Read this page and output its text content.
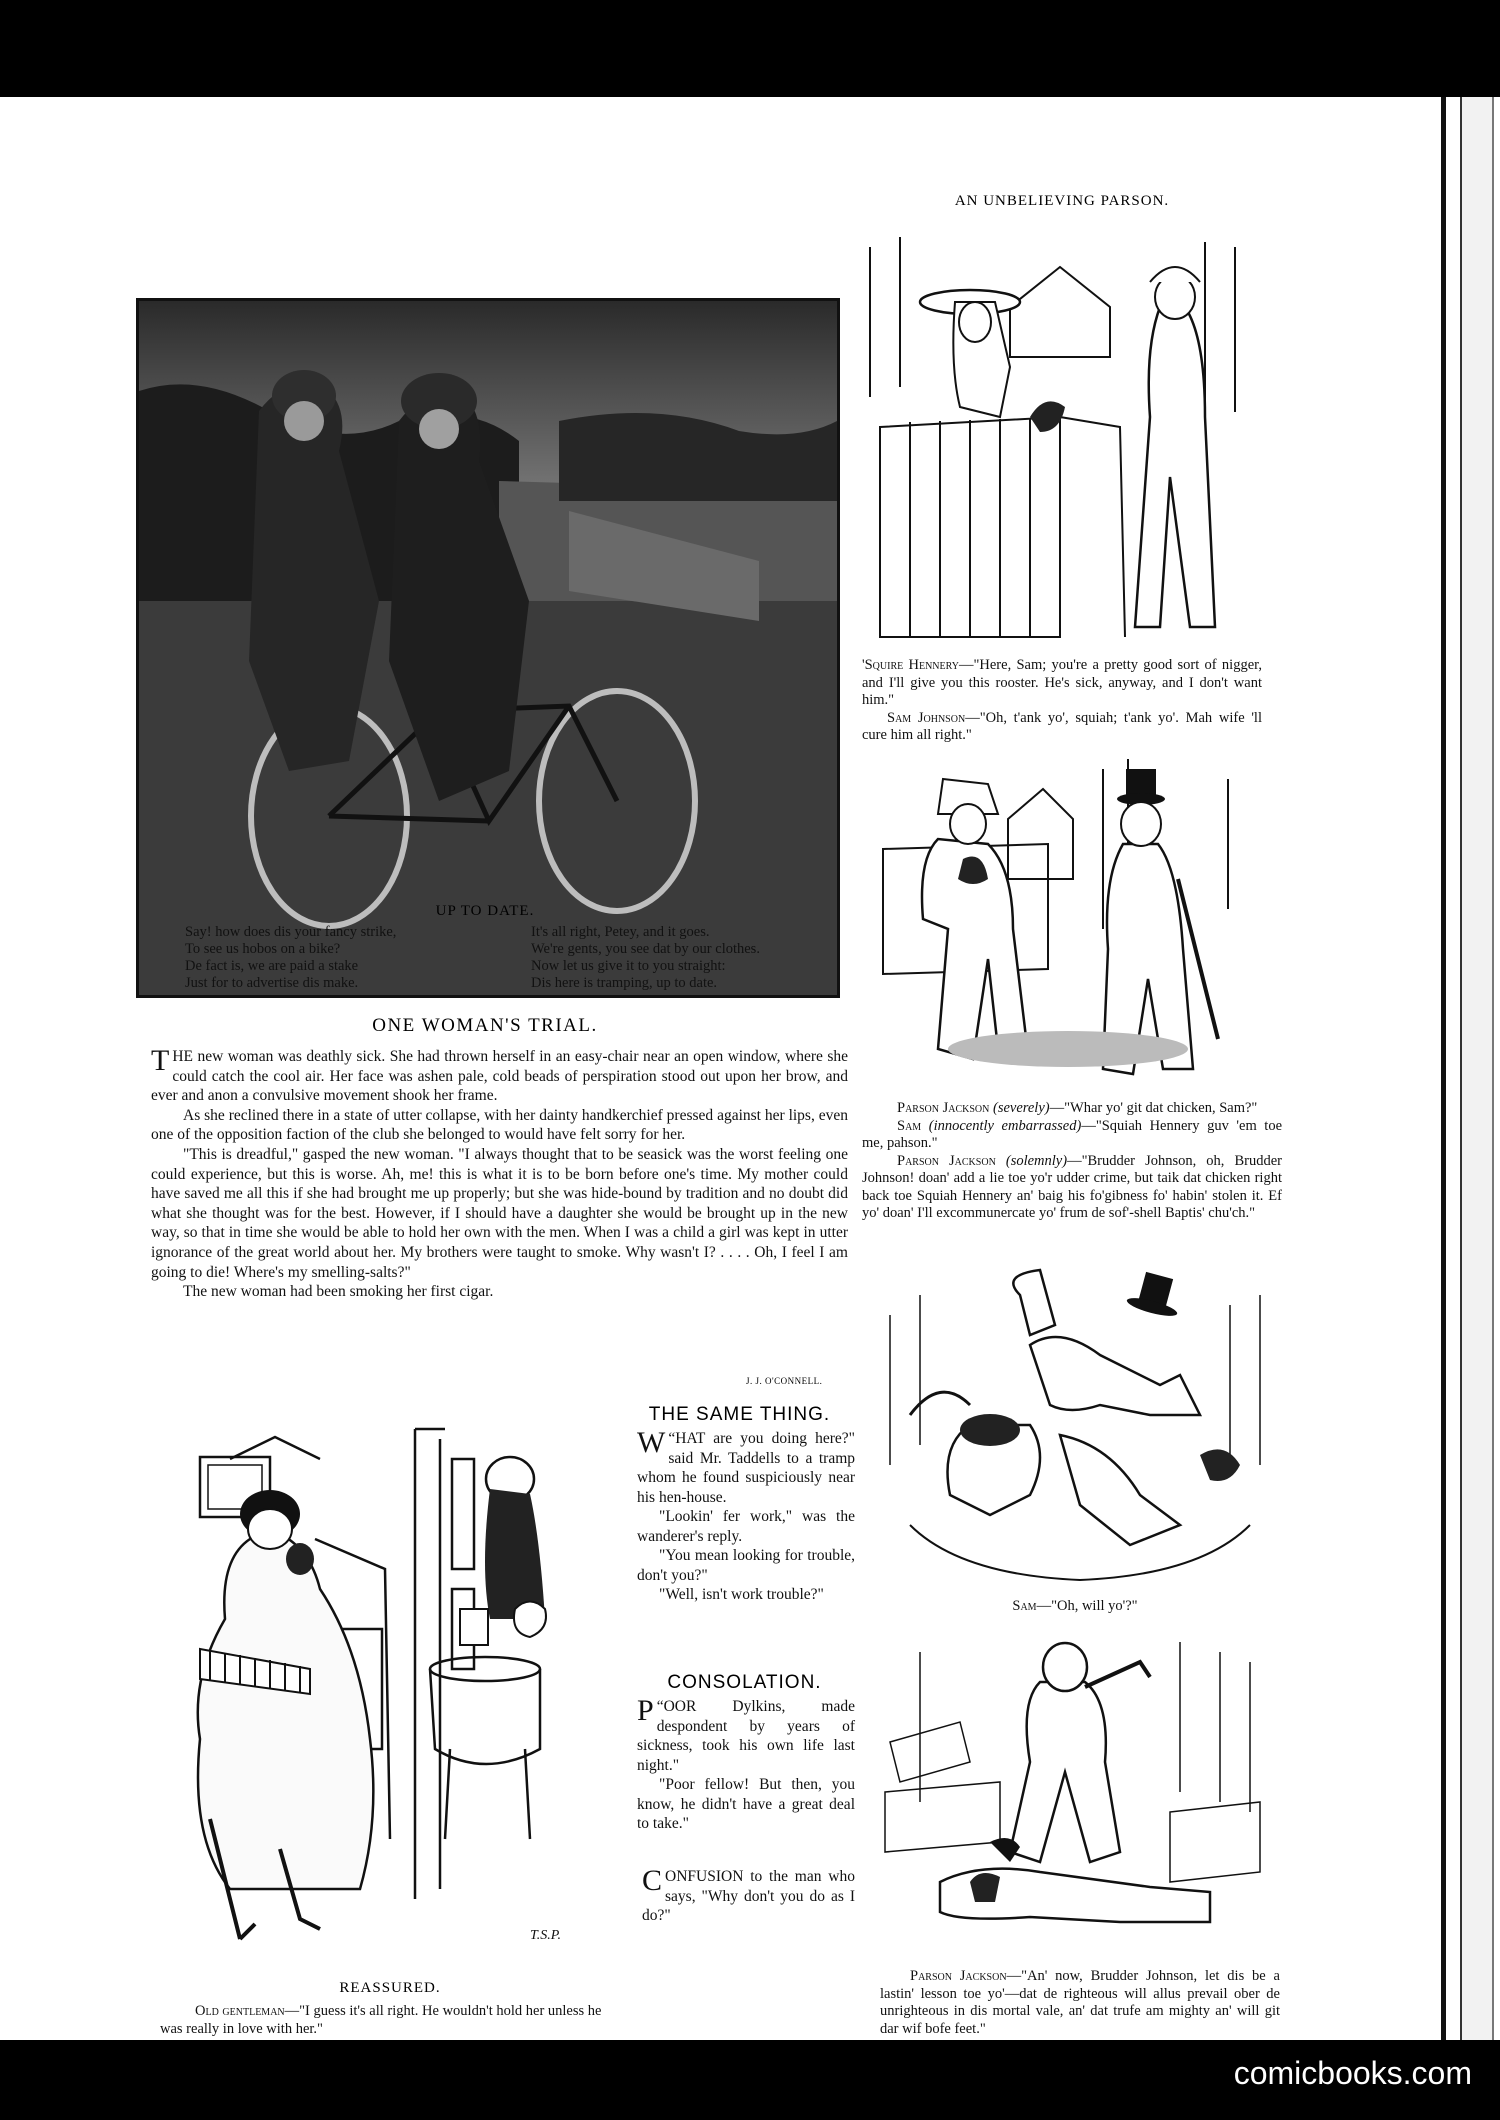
UP TO DATE.
Say! how does dis your fancy strike,
To see us hobos on a bike?
De fact is, we are paid a stake
Just for to advertise dis make.
It's all right, Petey, and it goes.
We're gents, you see dat by our clothes.
Now let us give it to you straight:
Dis here is tramping, up to date.
ONE WOMAN'S TRIAL.

THE new woman was deathly sick. She had thrown herself in an easy-chair near an open window, where she could catch the cool air. Her face was ashen pale, cold beads of perspiration stood out upon her brow, and ever and anon a convulsive movement shook her frame.

As she reclined there in a state of utter collapse, with her dainty handkerchief pressed against her lips, even one of the opposition faction of the club she belonged to would have felt sorry for her.

"This is dreadful," gasped the new woman. "I always thought that to be seasick was the worst feeling one could experience, but this is worse. Ah, me! this is what it is to be born before one's time. My mother could have saved me all this if she had brought me up properly; but she was hide-bound by tradition and no doubt did what she thought was for the best. However, if I should have a daughter she would be brought up in the new way, so that in time she would be able to hold her own with the men. When I was a child a girl was kept in utter ignorance of the great world about her. My brothers were taught to smoke. Why wasn't I? . . . . Oh, I feel I am going to die! Where's my smelling-salts?"

The new woman had been smoking her first cigar.

J. J. O'CONNELL.
T.S.P.
REASSURED.
Old gentleman—"I guess it's all right. He wouldn't hold her unless he was really in love with her."
THE SAME THING.

“
W HAT are you doing here?" said Mr. Taddells to a tramp whom he found suspiciously near his hen-house.

"Lookin' fer work," was the wanderer's reply.

"You mean looking for trouble, don't you?"

"Well, isn't work trouble?"

CONSOLATION.

“
P OOR Dylkins, made despondent by years of sickness, took his own life last night."

"Poor fellow! But then, you know, he didn't have a great deal to take."

CONFUSION to the man who says, "Why don't you do as I do?"

AN UNBELIEVING PARSON.
'Squire Hennery—"Here, Sam; you're a pretty good sort of nigger, and I'll give you this rooster. He's sick, anyway, and I don't want him."
Sam Johnson—"Oh, t'ank yo', squiah; t'ank yo'. Mah wife 'll cure him all right."
Parson Jackson (severely)—"Whar yo' git dat chicken, Sam?"
Sam (innocently embarrassed)—"Squiah Hennery guv 'em toe me, pahson."
Parson Jackson (solemnly)—"Brudder Johnson, oh, Brudder Johnson! doan' add a lie toe yo'r udder crime, but taik dat chicken right back toe Squiah Hennery an' baig his fo'gibness fo' habin' stolen it. Ef yo' doan' I'll excommunercate yo' frum de sof'-shell Baptis' chu'ch."
Sam—"Oh, will yo'?"
Parson Jackson—"An' now, Brudder Johnson, let dis be a lastin' lesson toe yo'—dat de righteous will allus prevail ober de unrighteous in dis mortal vale, an' dat trufe am mighty an' will git dar wif bofe feet."
comicbooks.com
